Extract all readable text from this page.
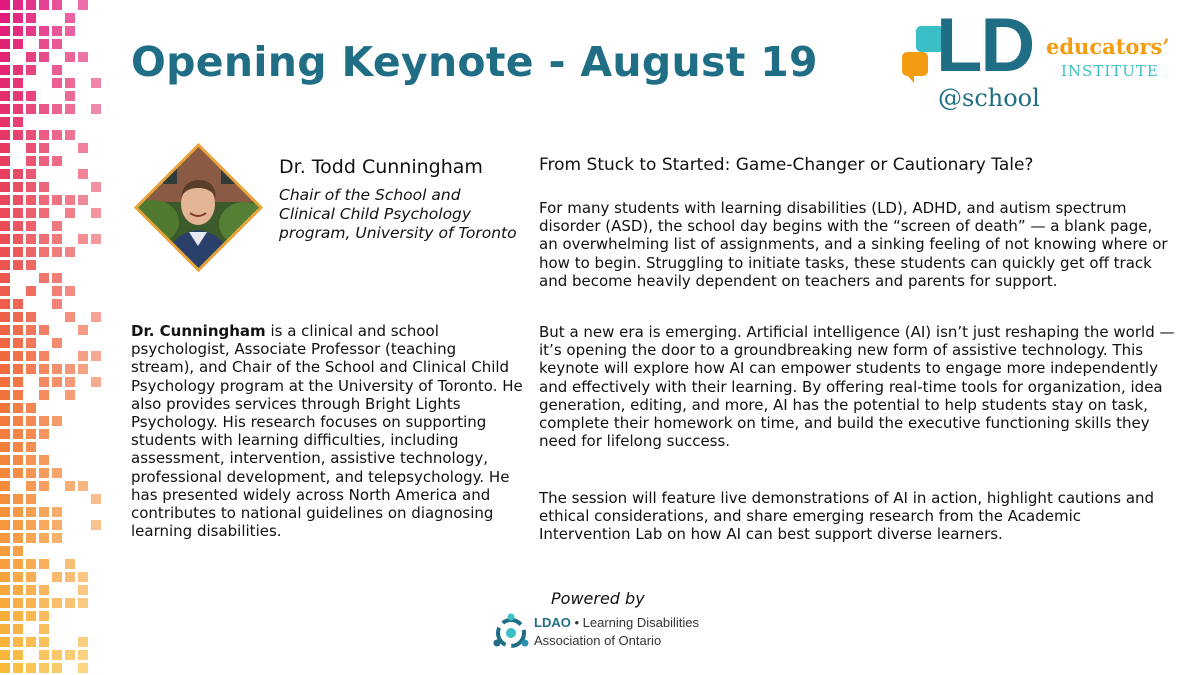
Opening Keynote - August 19 LD
@school
educators’
INSTITUTE
Dr. Todd Cunningham

Chair of the School and Clinical Child Psychology program, University of Toronto

Dr. Cunningham is a clinical and school psychologist, Associate Professor (teaching stream), and Chair of the School and Clinical Child Psychology program at the University of Toronto. He also provides services through Bright Lights Psychology. His research focuses on supporting students with learning difficulties, including assessment, intervention, assistive technology, professional development, and telepsychology. He has presented widely across North America and contributes to national guidelines on diagnosing learning disabilities.

From Stuck to Started: Game-Changer or Cautionary Tale?

For many students with learning disabilities (LD), ADHD, and autism spectrum disorder (ASD), the school day begins with the “screen of death” — a blank page, an overwhelming list of assignments, and a sinking feeling of not knowing where or how to begin. Struggling to initiate tasks, these students can quickly get off track and become heavily dependent on teachers and parents for support.

But a new era is emerging. Artificial intelligence (AI) isn’t just reshaping the world — it’s opening the door to a groundbreaking new form of assistive technology. This keynote will explore how AI can empower students to engage more independently and effectively with their learning. By offering real-time tools for organization, idea generation, editing, and more, AI has the potential to help students stay on task, complete their homework on time, and build the executive functioning skills they need for lifelong success.

The session will feature live demonstrations of AI in action, highlight cautions and ethical considerations, and share emerging research from the Academic Intervention Lab on how AI can best support diverse learners.

Powered by

LDAO • Learning Disabilities
Association of Ontario
